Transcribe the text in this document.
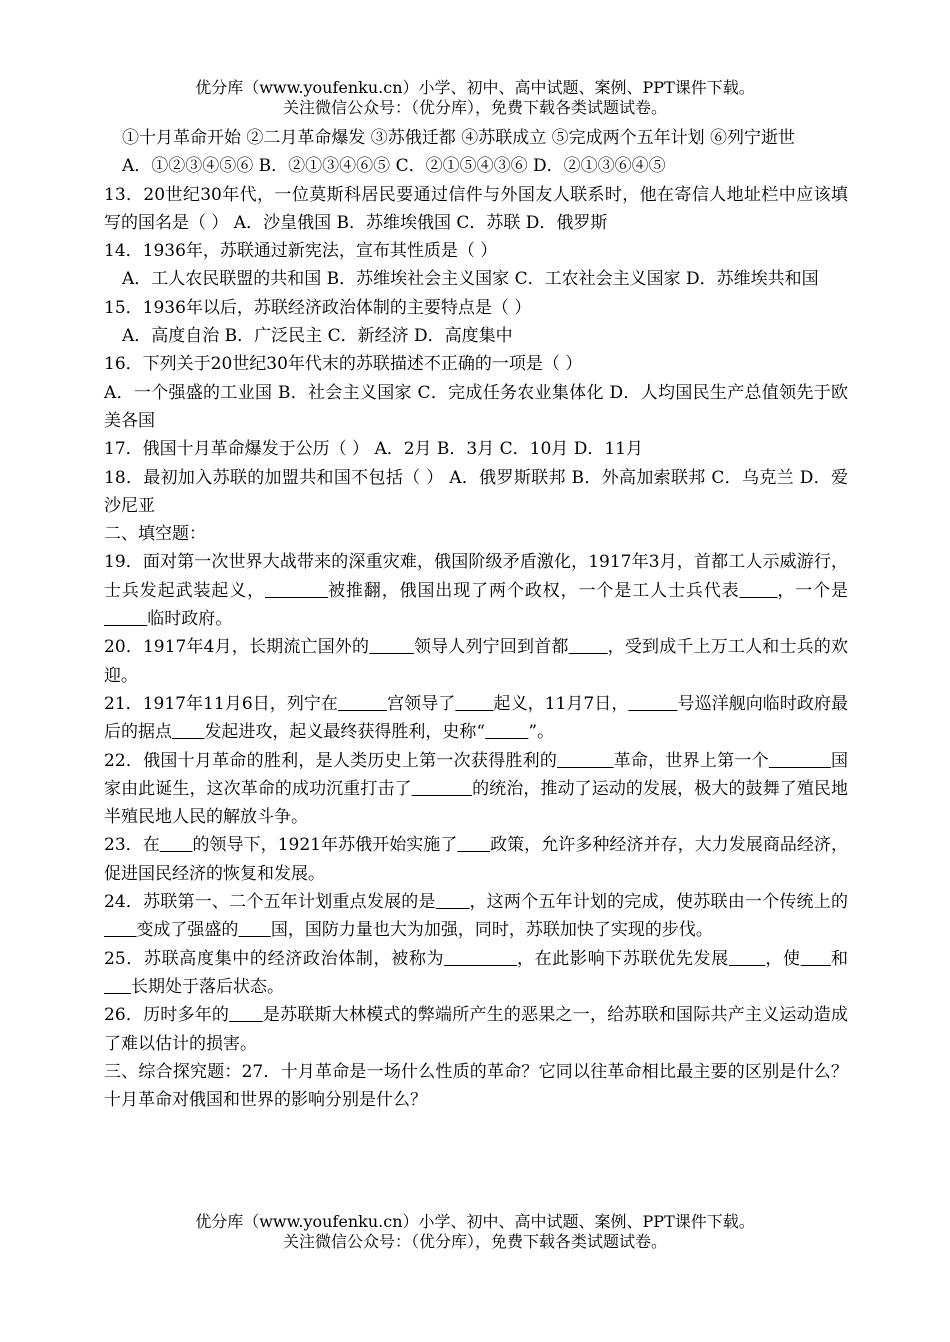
优分库（www.youfenku.cn）小学、初中、高中试题、案例、PPT课件下载。
关注微信公众号：（优分库），免费下载各类试题试卷。

①十月革命开始 ②二月革命爆发 ③苏俄迁都 ④苏联成立 ⑤完成两个五年计划 ⑥列宁逝世

A．①②③④⑤⑥ B．②①③④⑥⑤ C．②①⑤④③⑥ D．②①③⑥④⑤

13．20世纪30年代，一位莫斯科居民要通过信件与外国友人联系时，他在寄信人地址栏中应该填写的国名是（ ） A．沙皇俄国 B．苏维埃俄国 C．苏联 D．俄罗斯

14．1936年，苏联通过新宪法，宣布其性质是（ ）

A．工人农民联盟的共和国 B．苏维埃社会主义国家 C．工农社会主义国家 D．苏维埃共和国

15．1936年以后，苏联经济政治体制的主要特点是（ ）

A．高度自治 B．广泛民主 C．新经济 D．高度集中

16．下列关于20世纪30年代末的苏联描述不正确的一项是（ ）

A．一个强盛的工业国 B．社会主义国家 C．完成任务农业集体化 D．人均国民生产总值领先于欧美各国

17．俄国十月革命爆发于公历（ ） A．2月 B．3月 C．10月 D．11月

18．最初加入苏联的加盟共和国不包括（ ） A．俄罗斯联邦 B．外高加索联邦 C．乌克兰 D．爱沙尼亚

二、填空题：

19．面对第一次世界大战带来的深重灾难，俄国阶级矛盾激化，1917年3月，首都工人示威游行，士兵发起武装起义，	被推翻，俄国出现了两个政权，一个是工人士兵代表 ，一个是        临时政府。

20．1917年4月，长期流亡国外的	领导人列宁回到首都 ，受到成千上万工人和士兵的欢迎。

21．1917年11月6日，列宁在	宫领导了 起义，11月7日，	号巡洋舰向临时政府最后的据点 发起进攻，起义最终获得胜利，史称“	”。

22．俄国十月革命的胜利，是人类历史上第一次获得胜利的	革命，世界上第一个	国家由此诞生，这次革命的成功沉重打击了	的统治，推动了运动的发展，极大的鼓舞了殖民地半殖民地人民的解放斗争。

23．在 的领导下，1921年苏俄开始实施了 政策，允许多种经济并存，大力发展商品经济，促进国民经济的恢复和发展。

24．苏联第一、二个五年计划重点发展的是 ，这两个五年计划的完成，使苏联由一个传统上的      变成了强盛的 国，国防力量也大为加强，同时，苏联加快了实现的步伐。

25．苏联高度集中的经济政治体制，被称为	，在此影响下苏联优先发展 ，使 和     长期处于落后状态。

26．历时多年的 是苏联斯大林模式的弊端所产生的恶果之一，给苏联和国际共产主义运动造成了难以估计的损害。

三、综合探究题：27．十月革命是一场什么性质的革命？它同以往革命相比最主要的区别是什么？十月革命对俄国和世界的影响分别是什么？

优分库（www.youfenku.cn）小学、初中、高中试题、案例、PPT课件下载。
关注微信公众号：（优分库），免费下载各类试题试卷。
